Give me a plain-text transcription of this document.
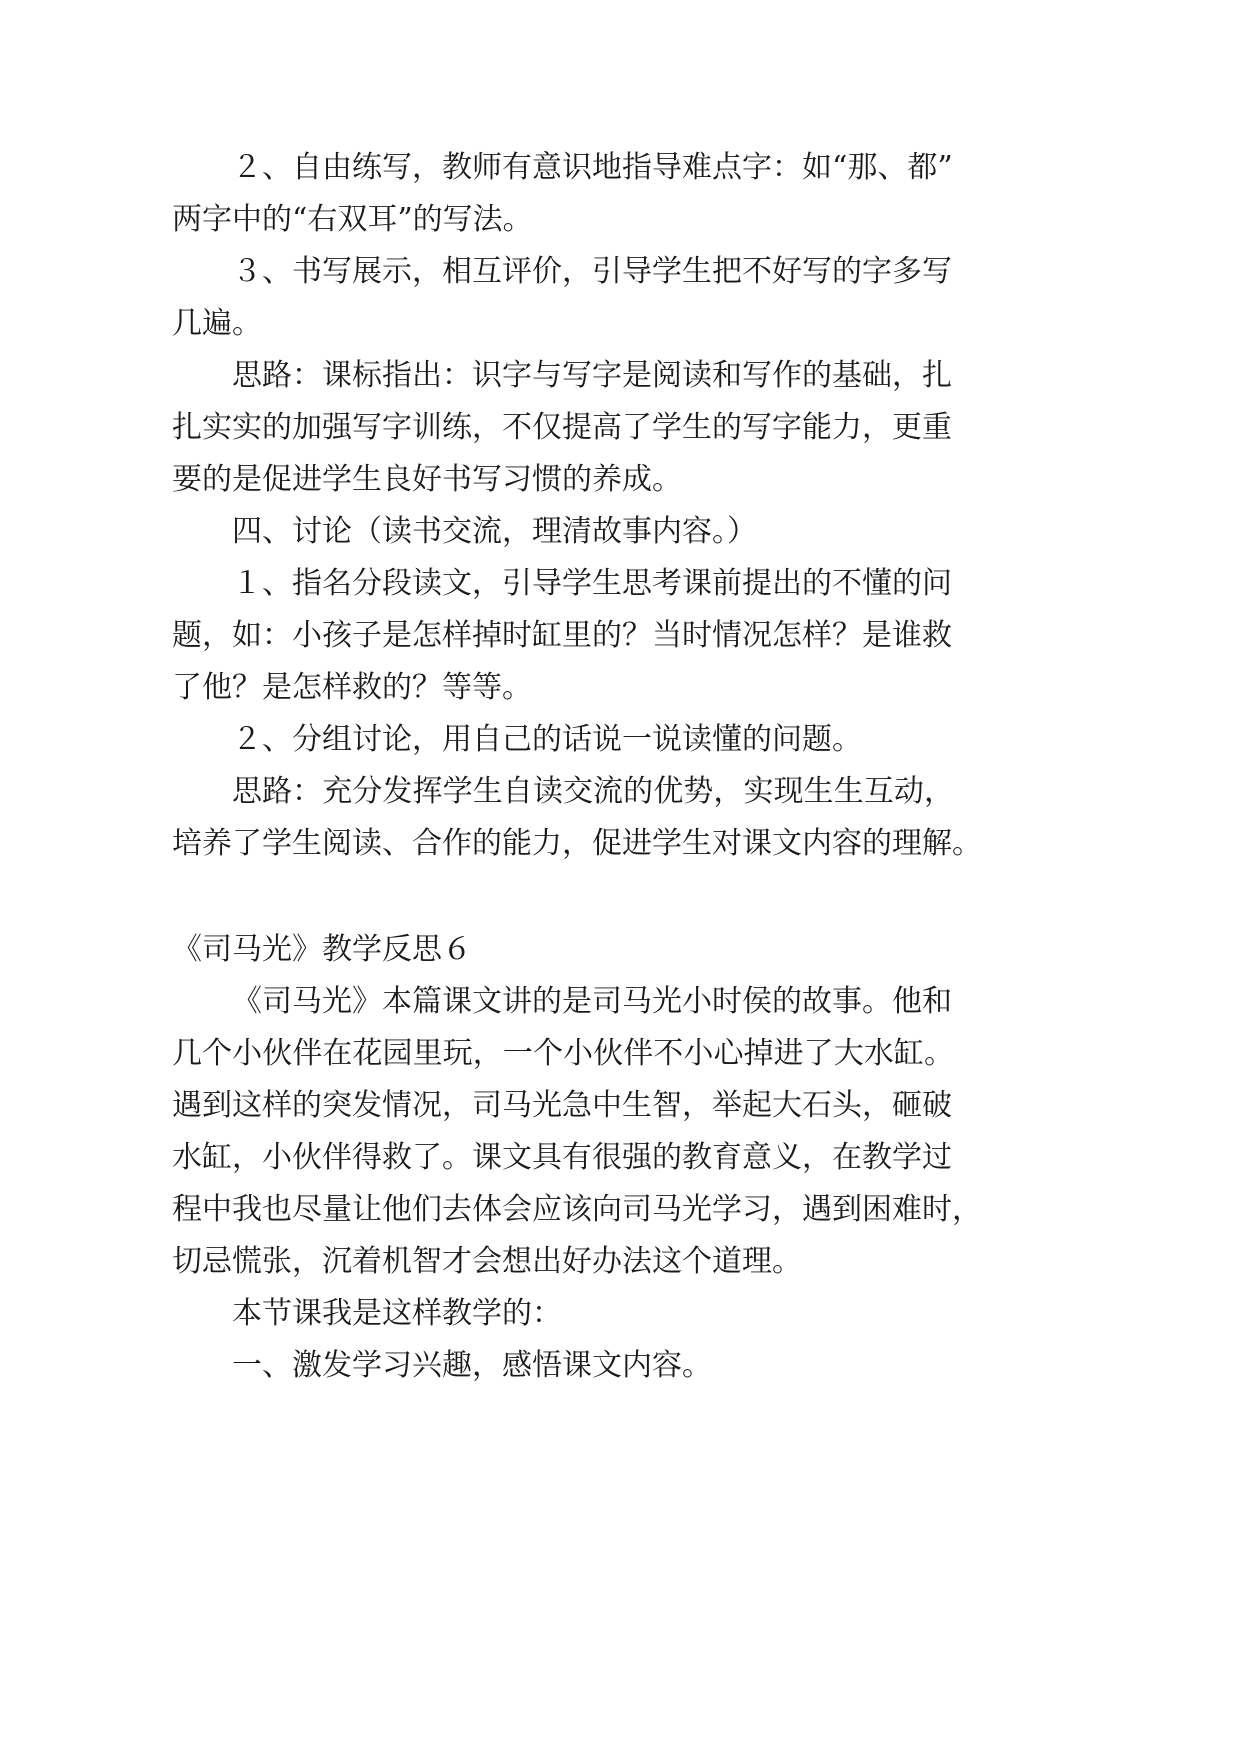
２、自由练写，教师有意识地指导难点字：如“那、都”
两字中的“右双耳”的写法。
３、书写展示，相互评价，引导学生把不好写的字多写
几遍。
思路：课标指出：识字与写字是阅读和写作的基础，扎
扎实实的加强写字训练，不仅提高了学生的写字能力，更重
要的是促进学生良好书写习惯的养成。
四、讨论（读书交流，理清故事内容。）
１、指名分段读文，引导学生思考课前提出的不懂的问
题，如：小孩子是怎样掉时缸里的？当时情况怎样？是谁救
了他？是怎样救的？等等。
２、分组讨论，用自己的话说一说读懂的问题。
思路：充分发挥学生自读交流的优势，实现生生互动，
培养了学生阅读、合作的能力，促进学生对课文内容的理解。
《司马光》教学反思６
《司马光》本篇课文讲的是司马光小时侯的故事。他和
几个小伙伴在花园里玩，一个小伙伴不小心掉进了大水缸。
遇到这样的突发情况，司马光急中生智，举起大石头，砸破
水缸，小伙伴得救了。课文具有很强的教育意义，在教学过
程中我也尽量让他们去体会应该向司马光学习，遇到困难时，
切忌慌张，沉着机智才会想出好办法这个道理。
本节课我是这样教学的：
一、激发学习兴趣，感悟课文内容。
